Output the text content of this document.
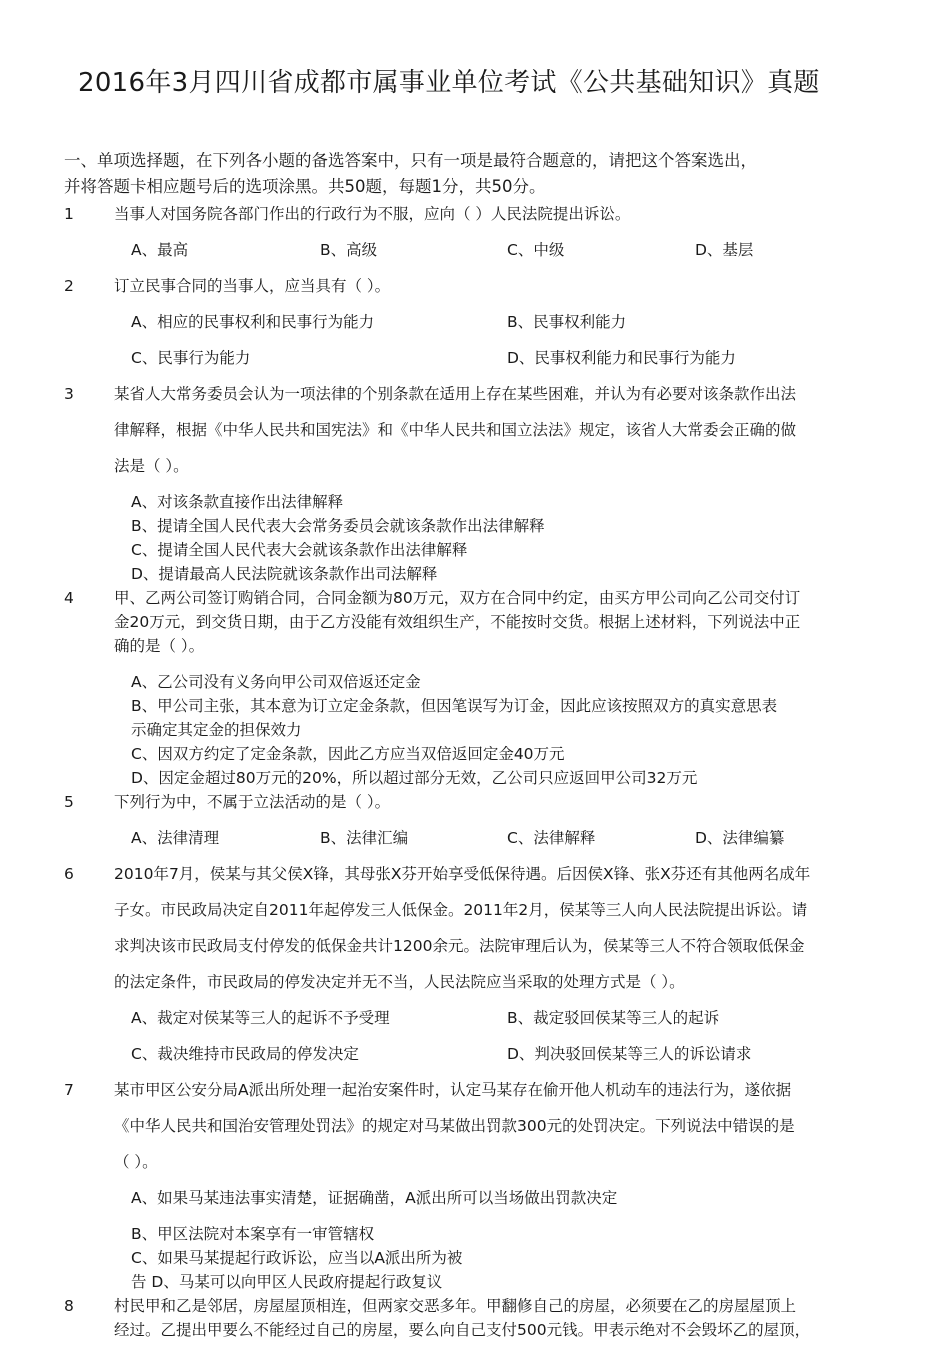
2016年3月四川省成都市属事业单位考试《公共基础知识》真题
一、单项选择题，在下列各小题的备选答案中，只有一项是最符合题意的，请把这个答案选出，
并将答题卡相应题号后的选项涂黑。共50题，每题1分，共50分。
1	当事人对国务院各部门作出的行政行为不服，应向（ ）人民法院提出诉讼。
A、最高	B、高级	C、中级	D、基层
2	订立民事合同的当事人，应当具有（ ）。
A、相应的民事权利和民事行为能力	B、民事权利能力
C、民事行为能力	D、民事权利能力和民事行为能力
3	某省人大常务委员会认为一项法律的个别条款在适用上存在某些困难，并认为有必要对该条款作出法
律解释，根据《中华人民共和国宪法》和《中华人民共和国立法法》规定，该省人大常委会正确的做
法是（ ）。
A、对该条款直接作出法律解释
B、提请全国人民代表大会常务委员会就该条款作出法律解释
C、提请全国人民代表大会就该条款作出法律解释
D、提请最高人民法院就该条款作出司法解释
4	甲、乙两公司签订购销合同，合同金额为80万元，双方在合同中约定，由买方甲公司向乙公司交付订
金20万元，到交货日期，由于乙方没能有效组织生产，不能按时交货。根据上述材料，下列说法中正
确的是（ ）。
A、乙公司没有义务向甲公司双倍返还定金
B、甲公司主张，其本意为订立定金条款，但因笔误写为订金，因此应该按照双方的真实意思表
示确定其定金的担保效力
C、因双方约定了定金条款，因此乙方应当双倍返回定金40万元
D、因定金超过80万元的20%，所以超过部分无效，乙公司只应返回甲公司32万元
5	下列行为中，不属于立法活动的是（ ）。
A、法律清理	B、法律汇编	C、法律解释	D、法律编纂
6	2010年7月，侯某与其父侯X锋，其母张X芬开始享受低保待遇。后因侯X锋、张X芬还有其他两名成年
子女。市民政局决定自2011年起停发三人低保金。2011年2月，侯某等三人向人民法院提出诉讼。请
求判决该市民政局支付停发的低保金共计1200余元。法院审理后认为，侯某等三人不符合领取低保金
的法定条件，市民政局的停发决定并无不当，人民法院应当采取的处理方式是（ ）。
A、裁定对侯某等三人的起诉不予受理	B、裁定驳回侯某等三人的起诉
C、裁决维持市民政局的停发决定	D、判决驳回侯某等三人的诉讼请求
7	某市甲区公安分局A派出所处理一起治安案件时，认定马某存在偷开他人机动车的违法行为，遂依据
《中华人民共和国治安管理处罚法》的规定对马某做出罚款300元的处罚决定。下列说法中错误的是
（ ）。
A、如果马某违法事实清楚，证据确凿，A派出所可以当场做出罚款决定
B、甲区法院对本案享有一审管辖权
C、如果马某提起行政诉讼，应当以A派出所为被
告 D、马某可以向甲区人民政府提起行政复议
8	村民甲和乙是邻居，房屋屋顶相连，但两家交恶多年。甲翻修自己的房屋，必须要在乙的房屋屋顶上
经过。乙提出甲要么不能经过自己的房屋，要么向自己支付500元钱。甲表示绝对不会毁坏乙的屋顶，
